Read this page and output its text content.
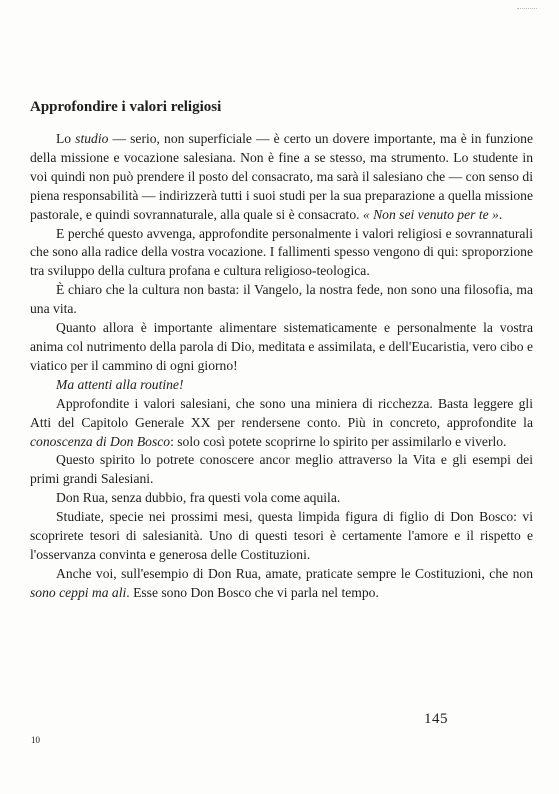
Approfondire i valori religiosi

Lo studio — serio, non superficiale — è certo un dovere importante, ma è in funzione della missione e vocazione salesiana. Non è fine a se stesso, ma strumento. Lo studente in voi quindi non può prendere il posto del consacrato, ma sarà il salesiano che — con senso di piena responsabilità — indirizzerà tutti i suoi studi per la sua preparazione a quella missione pastorale, e quindi sovrannaturale, alla quale si è consacrato. « Non sei venuto per te ».

E perché questo avvenga, approfondite personalmente i valori religiosi e sovrannaturali che sono alla radice della vostra vocazione. I fallimenti spesso vengono di qui: sproporzione tra sviluppo della cultura profana e cultura religioso-teologica.

È chiaro che la cultura non basta: il Vangelo, la nostra fede, non sono una filosofia, ma una vita.

Quanto allora è importante alimentare sistematicamente e personalmente la vostra anima col nutrimento della parola di Dio, meditata e assimilata, e dell'Eucaristia, vero cibo e viatico per il cammino di ogni giorno!

Ma attenti alla routine!

Approfondite i valori salesiani, che sono una miniera di ricchezza. Basta leggere gli Atti del Capitolo Generale XX per rendersene conto. Più in concreto, approfondite la conoscenza di Don Bosco: solo così potete scoprirne lo spirito per assimilarlo e viverlo.

Questo spirito lo potrete conoscere ancor meglio attraverso la Vita e gli esempi dei primi grandi Salesiani.

Don Rua, senza dubbio, fra questi vola come aquila.

Studiate, specie nei prossimi mesi, questa limpida figura di figlio di Don Bosco: vi scoprirete tesori di salesianità. Uno di questi tesori è certamente l'amore e il rispetto e l'osservanza convinta e generosa delle Costituzioni.

Anche voi, sull'esempio di Don Rua, amate, praticate sempre le Costituzioni, che non sono ceppi ma ali. Esse sono Don Bosco che vi parla nel tempo.

145
10
